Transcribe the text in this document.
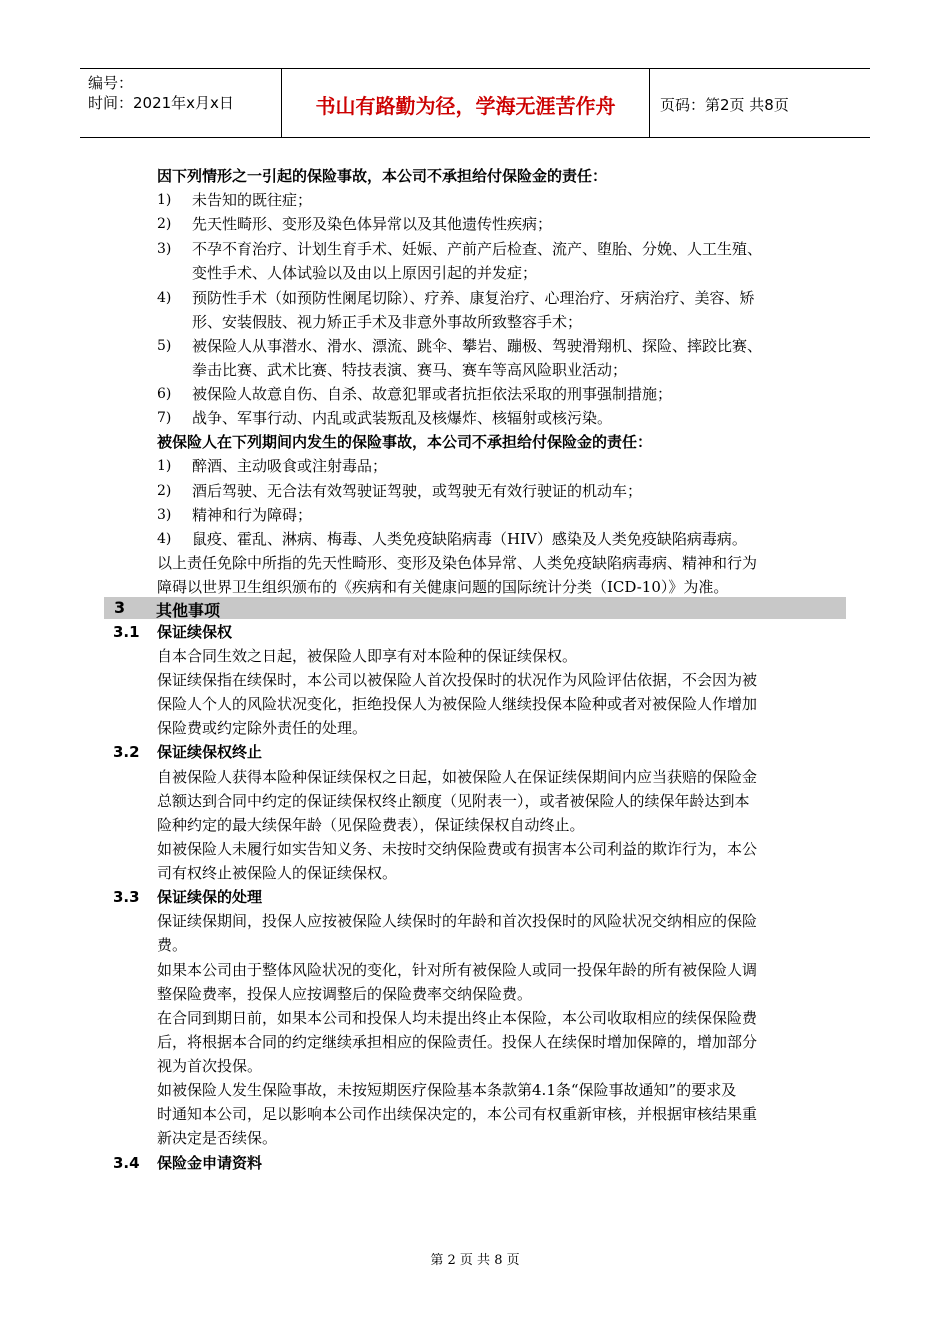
编号：
时间：2021年x月x日	书山有路勤为径，学海无涯苦作舟	页码：第2页 共8页
因下列情形之一引起的保险事故，本公司不承担给付保险金的责任：
1) 未告知的既往症；
2) 先天性畸形、变形及染色体异常以及其他遗传性疾病；
3) 不孕不育治疗、计划生育手术、妊娠、产前产后检查、流产、堕胎、分娩、人工生殖、
变性手术、人体试验以及由以上原因引起的并发症；
4) 预防性手术（如预防性阑尾切除）、疗养、康复治疗、心理治疗、牙病治疗、美容、矫
形、安装假肢、视力矫正手术及非意外事故所致整容手术；
5) 被保险人从事潜水、滑水、漂流、跳伞、攀岩、蹦极、驾驶滑翔机、探险、摔跤比赛、
拳击比赛、武术比赛、特技表演、赛马、赛车等高风险职业活动；
6) 被保险人故意自伤、自杀、故意犯罪或者抗拒依法采取的刑事强制措施；
7) 战争、军事行动、内乱或武装叛乱及核爆炸、核辐射或核污染。
被保险人在下列期间内发生的保险事故，本公司不承担给付保险金的责任：
1) 醉酒、主动吸食或注射毒品；
2) 酒后驾驶、无合法有效驾驶证驾驶，或驾驶无有效行驶证的机动车；
3) 精神和行为障碍；
4) 鼠疫、霍乱、淋病、梅毒、人类免疫缺陷病毒（HIV）感染及人类免疫缺陷病毒病。
以上责任免除中所指的先天性畸形、变形及染色体异常、人类免疫缺陷病毒病、精神和行为
障碍以世界卫生组织颁布的《疾病和有关健康问题的国际统计分类（ICD-10）》为准。
3 其他事项
3.1 保证续保权
自本合同生效之日起，被保险人即享有对本险种的保证续保权。
保证续保指在续保时，本公司以被保险人首次投保时的状况作为风险评估依据，不会因为被
保险人个人的风险状况变化，拒绝投保人为被保险人继续投保本险种或者对被保险人作增加
保险费或约定除外责任的处理。
3.2 保证续保权终止
自被保险人获得本险种保证续保权之日起，如被保险人在保证续保期间内应当获赔的保险金
总额达到合同中约定的保证续保权终止额度（见附表一），或者被保险人的续保年龄达到本
险种约定的最大续保年龄（见保险费表），保证续保权自动终止。
如被保险人未履行如实告知义务、未按时交纳保险费或有损害本公司利益的欺诈行为，本公
司有权终止被保险人的保证续保权。
3.3 保证续保的处理
保证续保期间，投保人应按被保险人续保时的年龄和首次投保时的风险状况交纳相应的保险
费。
如果本公司由于整体风险状况的变化，针对所有被保险人或同一投保年龄的所有被保险人调
整保险费率，投保人应按调整后的保险费率交纳保险费。
在合同到期日前，如果本公司和投保人均未提出终止本保险，本公司收取相应的续保保险费
后，将根据本合同的约定继续承担相应的保险责任。投保人在续保时增加保障的，增加部分
视为首次投保。
如被保险人发生保险事故，未按短期医疗保险基本条款第4.1条“保险事故通知”的要求及
时通知本公司，足以影响本公司作出续保决定的，本公司有权重新审核，并根据审核结果重
新决定是否续保。
3.4 保险金申请资料
第 2 页 共 8 页
